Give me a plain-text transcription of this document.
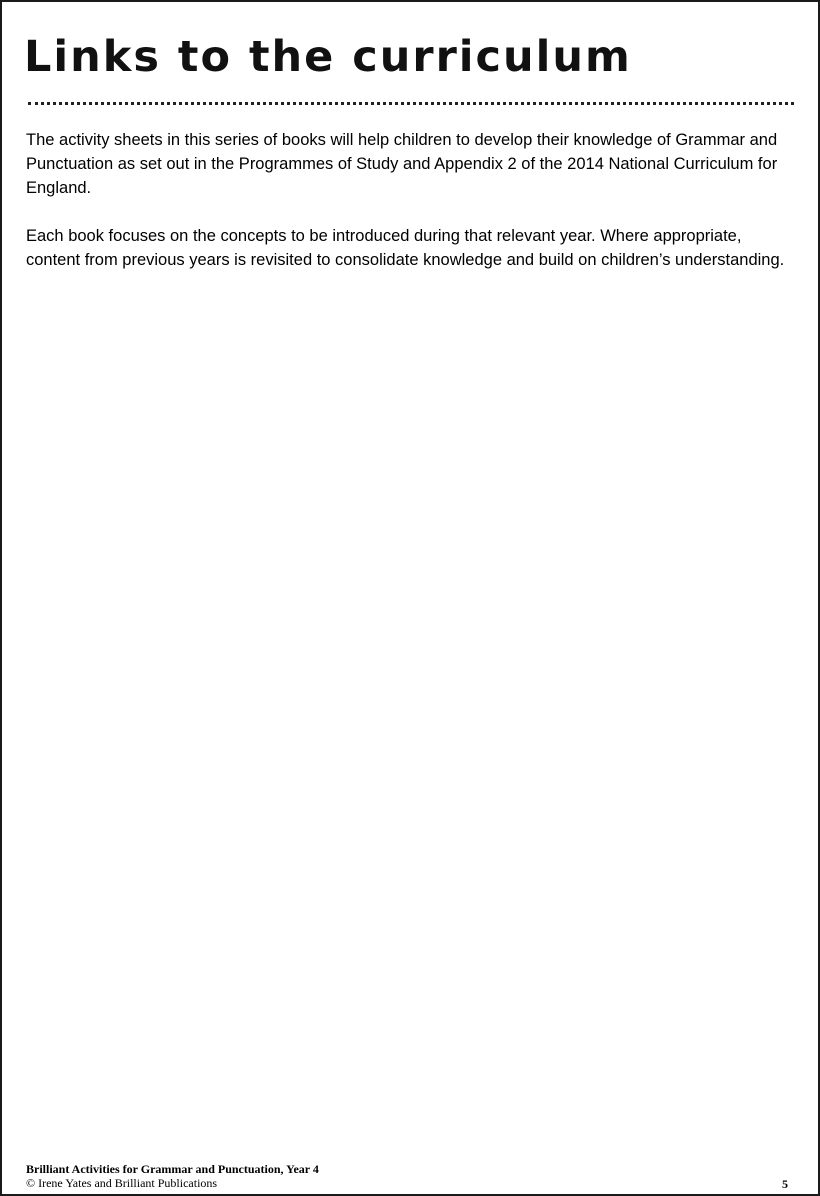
Links to the curriculum

The activity sheets in this series of books will help children to develop their knowledge of Grammar and Punctuation as set out in the Programmes of Study and Appendix 2 of the 2014 National Curriculum for England.

Each book focuses on the concepts to be introduced during that relevant year. Where appropriate, content from previous years is revisited to consolidate knowledge and build on children’s understanding.

Brilliant Activities for Grammar and Punctuation, Year 4
© Irene Yates and Brilliant Publications	5
